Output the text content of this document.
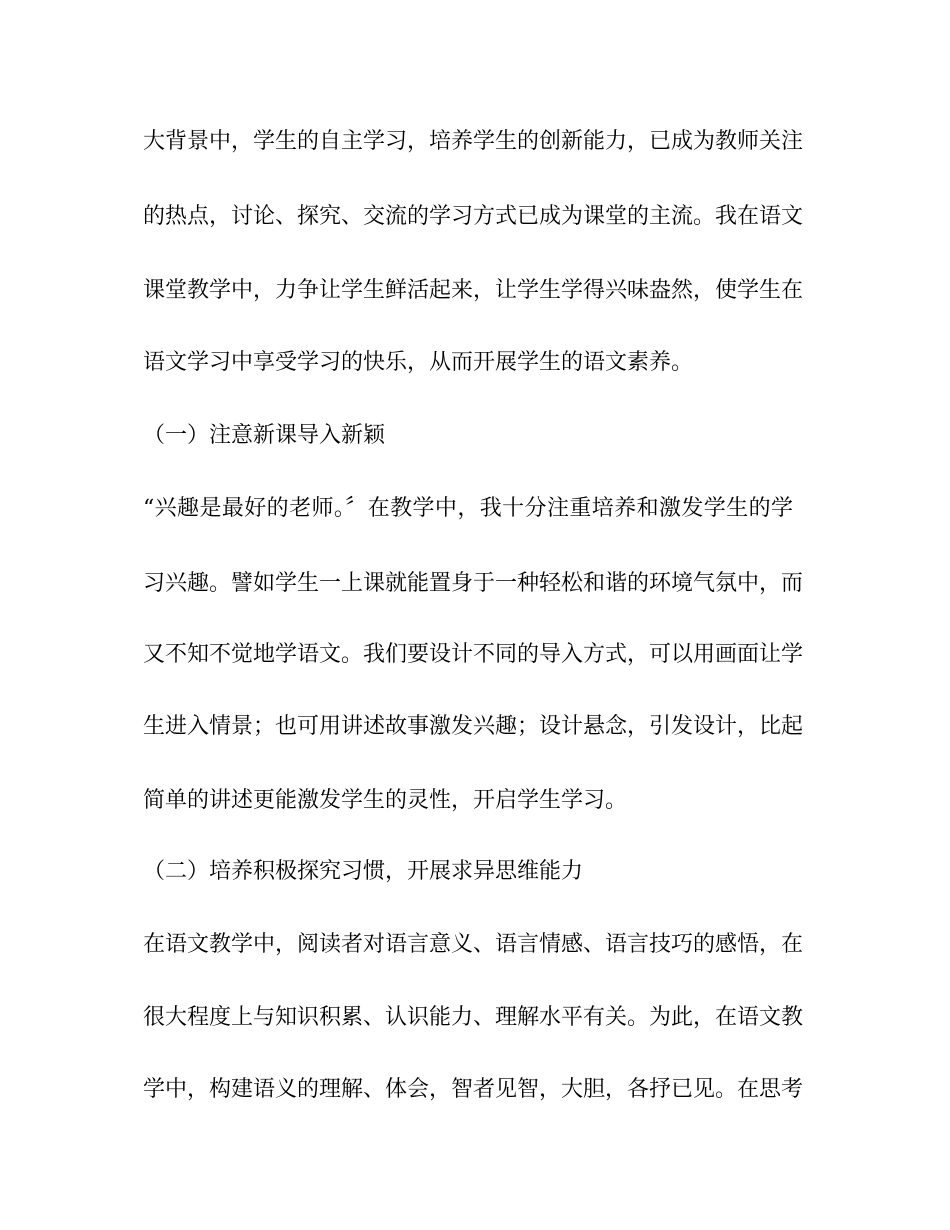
大背景中，学生的自主学习，培养学生的创新能力，已成为教师关注
的热点，讨论、探究、交流的学习方式已成为课堂的主流。我在语文
课堂教学中，力争让学生鲜活起来，让学生学得兴味盎然，使学生在
语文学习中享受学习的快乐，从而开展学生的语文素养。
（一）注意新课导入新颖
“兴趣是最好的老师。〞在教学中，我十分注重培养和激发学生的学
习兴趣。譬如学生一上课就能置身于一种轻松和谐的环境气氛中，而
又不知不觉地学语文。我们要设计不同的导入方式，可以用画面让学
生进入情景；也可用讲述故事激发兴趣；设计悬念，引发设计，比起
简单的讲述更能激发学生的灵性，开启学生学习。
（二）培养积极探究习惯，开展求异思维能力
在语文教学中，阅读者对语言意义、语言情感、语言技巧的感悟，在
很大程度上与知识积累、认识能力、理解水平有关。为此，在语文教
学中，构建语义的理解、体会，智者见智，大胆，各抒已见。在思考
